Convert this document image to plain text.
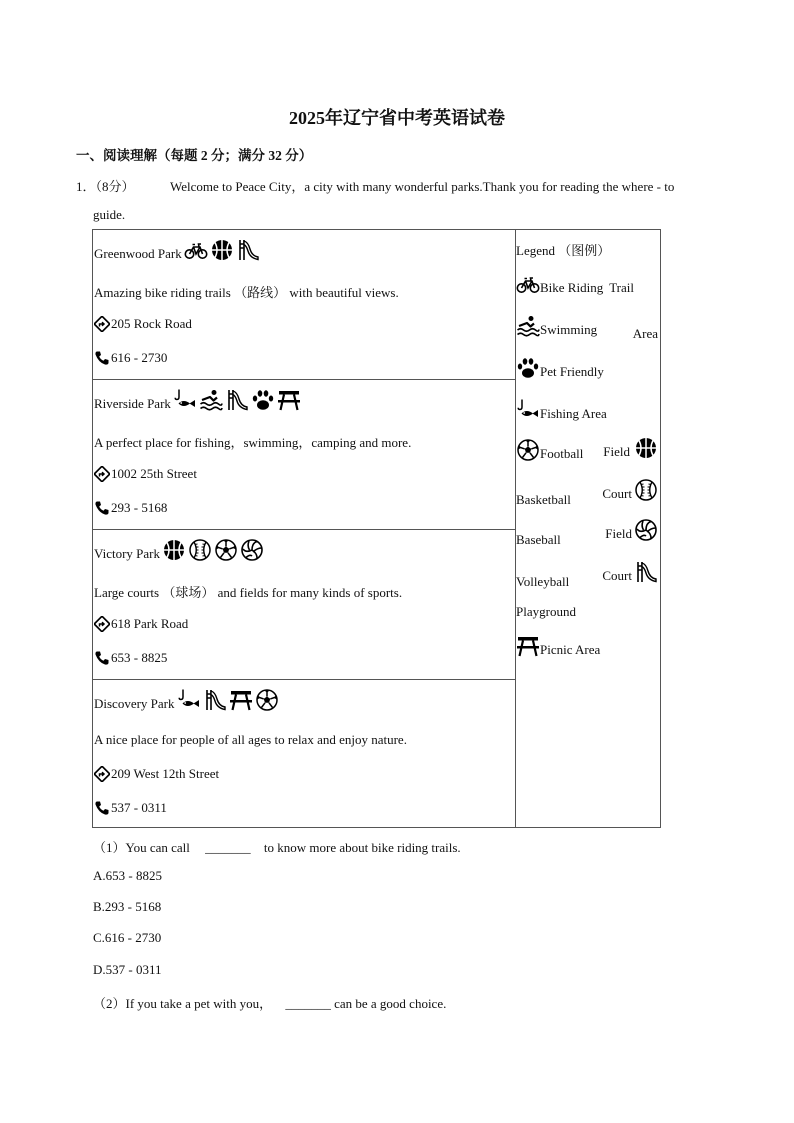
2025年辽宁省中考英语试卷
一、阅读理解（每题 2 分；满分 32 分）
1．（8分）	Welcome to Peace City，a city with many wonderful parks.Thank you for reading the where - to
guide.
Greenwood Park
Amazing bike riding trails （路线） with beautiful views.
205 Rock Road
616 - 2730
Riverside Park
A perfect place for fishing，swimming，camping and more.
1002 25th Street
293 - 5168
Victory Park
Large courts （球场） and fields for many kinds of sports.
618 Park Road
653 - 8825
Discovery Park
A nice place for people of all ages to relax and enjoy nature.
209 West 12th Street
537 - 0311
Legend （图例）
Bike Riding Trail
Swimming	Area
Pet Friendly
Fishing Area
Football Field
Basketball Court
Baseball	Field
Volleyball	Court
Playground
Picnic Area
（1）You can call _______ to know more about bike riding trails.
A.653 - 8825
B.293 - 5168
C.616 - 2730
D.537 - 0311
（2）If you take a pet with you， _______ can be a good choice.
